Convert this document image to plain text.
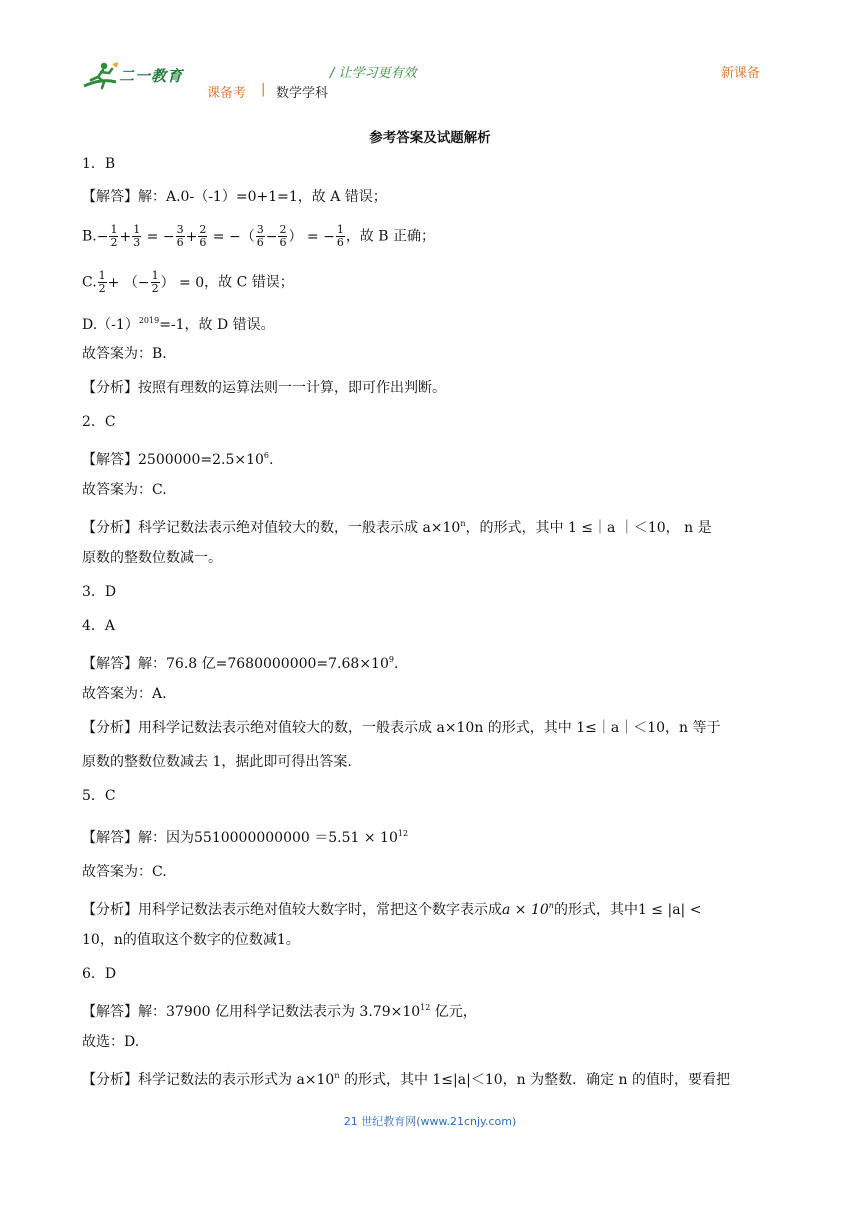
二一教育	/ 让学习更有效	新课备
课备考 | 数学学科
参考答案及试题解析
1．B
【解答】解：A.0-（-1）=0+1=1，故 A 错误；
$B.- \frac{1}{2} + \frac{1}{3}$ = − $\frac{3}{6} + \frac{2}{6}$ = −（ $\frac{3}{6} - \frac{2}{6}$ ） = − $\frac{1}{6}$ ，故 B 正确；
C. $\frac{1}{2}$ + （− $\frac{1}{2}$ ） = 0，故 C 错误；
$D.(-1)^{2019}=-1$，故 D 错误。
故答案为：B.
【分析】按照有理数的运算法则一一计算，即可作出判断。
2．C
【解答】$2500000=2.5\times 10^6$.
故答案为：C.
【分析】科学记数法表示绝对值较大的数，一般表示成 $a\times 10^n$，的形式，其中 1 ≤｜a ｜＜10， n 是
原数的整数位数减一。
3．D
4．A
【解答】解：76.8 亿$=7680000000=7.68\times 10^9$.
故答案为：A.
【分析】用科学记数法表示绝对值较大的数，一般表示成 a×10n 的形式，其中 1≤｜a｜＜10，n 等于
原数的整数位数减去 1，据此即可得出答案.
5．C
【解答】解：因为$5510000000000 =5.51 \times 10^{12}$
故答案为：C.
【分析】用科学记数法表示绝对值较大数字时，常把这个数字表示成$a \times 10^n$的形式，其中1 ≤ |a| <
10，n的值取这个数字的位数减1。
6．D
【解答】解：37900 亿用科学记数法表示为 $3.79\times 10^{12}$ 亿元，
故选：D.
【分析】科学记数法的表示形式为 $a\times 10^n$ 的形式，其中 1≤|a|＜10，n 为整数．确定 n 的值时，要看把
21 世纪教育网(www.21cnjy.com)
